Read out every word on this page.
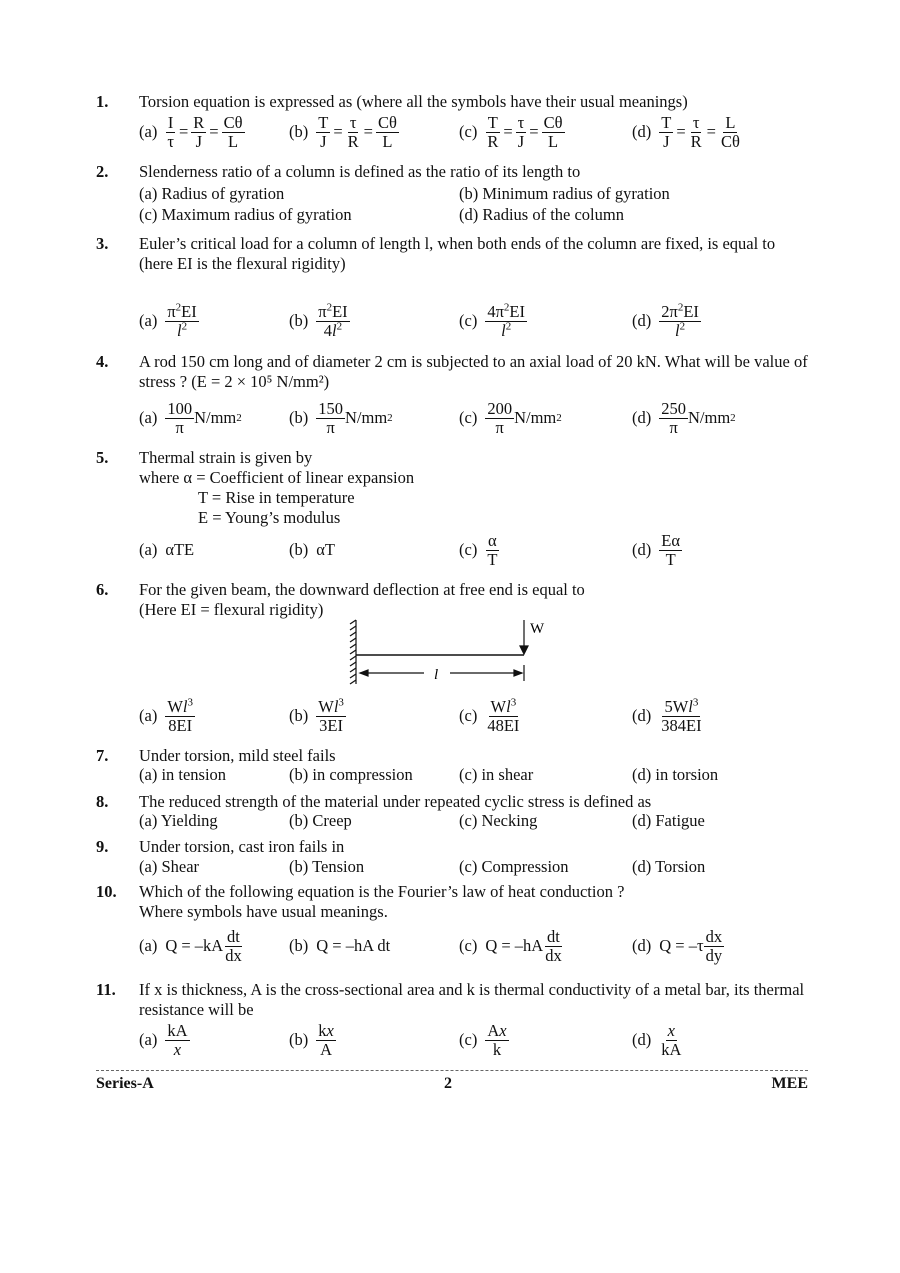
1.	Torsion equation is expressed as (where all the symbols have their usual meanings)
$(a) \frac{I}{\tau} = \frac{R}{J} = \frac{C\theta}{L}$	$(b) \frac{T}{J} = \frac{\tau}{R} = \frac{C\theta}{L}$	$(c) \frac{T}{R} = \frac{\tau}{J} = \frac{C\theta}{L}$	$(d) \frac{T}{J} = \frac{\tau}{R} = \frac{L}{C\theta}$
2.	Slenderness ratio of a column is defined as the ratio of its length to
(a) Radius of gyration	(b) Minimum radius of gyration
(c) Maximum radius of gyration	(d) Radius of the column
3.	Euler’s critical load for a column of length l, when both ends of the column are fixed, is equal to
(here EI is the flexural rigidity)
$(a) \frac{\pi^2EI}{l^2}$	$(b) \frac{\pi^2EI}{4l^2}$	$(c) \frac{4\pi^2EI}{l^2}$	$(d) \frac{2\pi^2EI}{l^2}$
4.	A rod 150 cm long and of diameter 2 cm is subjected to an axial load of 20 kN. What will be value of stress ? (E = 2 × 10⁵ N/mm²)
$(a) \frac{100}{\pi} N/mm$ 2	$(b) \frac{150}{\pi} N/mm$ 2	$(c) \frac{200}{\pi} N/mm$ 2	$(d) \frac{250}{\pi} N/mm$ 2
5.	Thermal strain is given by
where α = Coefficient of linear expansion
T = Rise in temperature
E = Young’s modulus
(a) αTE	(b) αT	$(c) \frac{\alpha}{T}$	$(d) \frac{E\alpha}{T}$
6.	For the given beam, the downward deflection at free end is equal to
(Here EI = flexural rigidity)
W
l
$(a) \frac{Wl^3}{8EI}$	$(b) \frac{Wl^3}{3EI}$	$(c) \frac{Wl^3}{48EI}$	$(d) \frac{5Wl^3}{384EI}$
7.	Under torsion, mild steel fails
(a) in tension	(b) in compression	(c) in shear	(d) in torsion
8.	The reduced strength of the material under repeated cyclic stress is defined as
(a) Yielding	(b) Creep	(c) Necking	(d) Fatigue
9.	Under torsion, cast iron fails in
(a) Shear	(b) Tension	(c) Compression	(d) Torsion
10.	Which of the following equation is the Fourier’s law of heat conduction ?
Where symbols have usual meanings.
(a) $Q = -kA \frac{dt}{dx}$	(b) Q = –hA dt	(c) $Q = -hA \frac{dt}{dx}$	(d) $Q = -\tau \frac{dx}{dy}$
11.	If x is thickness, A is the cross-sectional area and k is thermal conductivity of a metal bar, its thermal resistance will be
$(a) \frac{kA}{x}$	$(b) \frac{kx}{A}$	$(c) \frac{Ax}{k}$	$(d) \frac{x}{kA}$
Series-A	2	MEE
